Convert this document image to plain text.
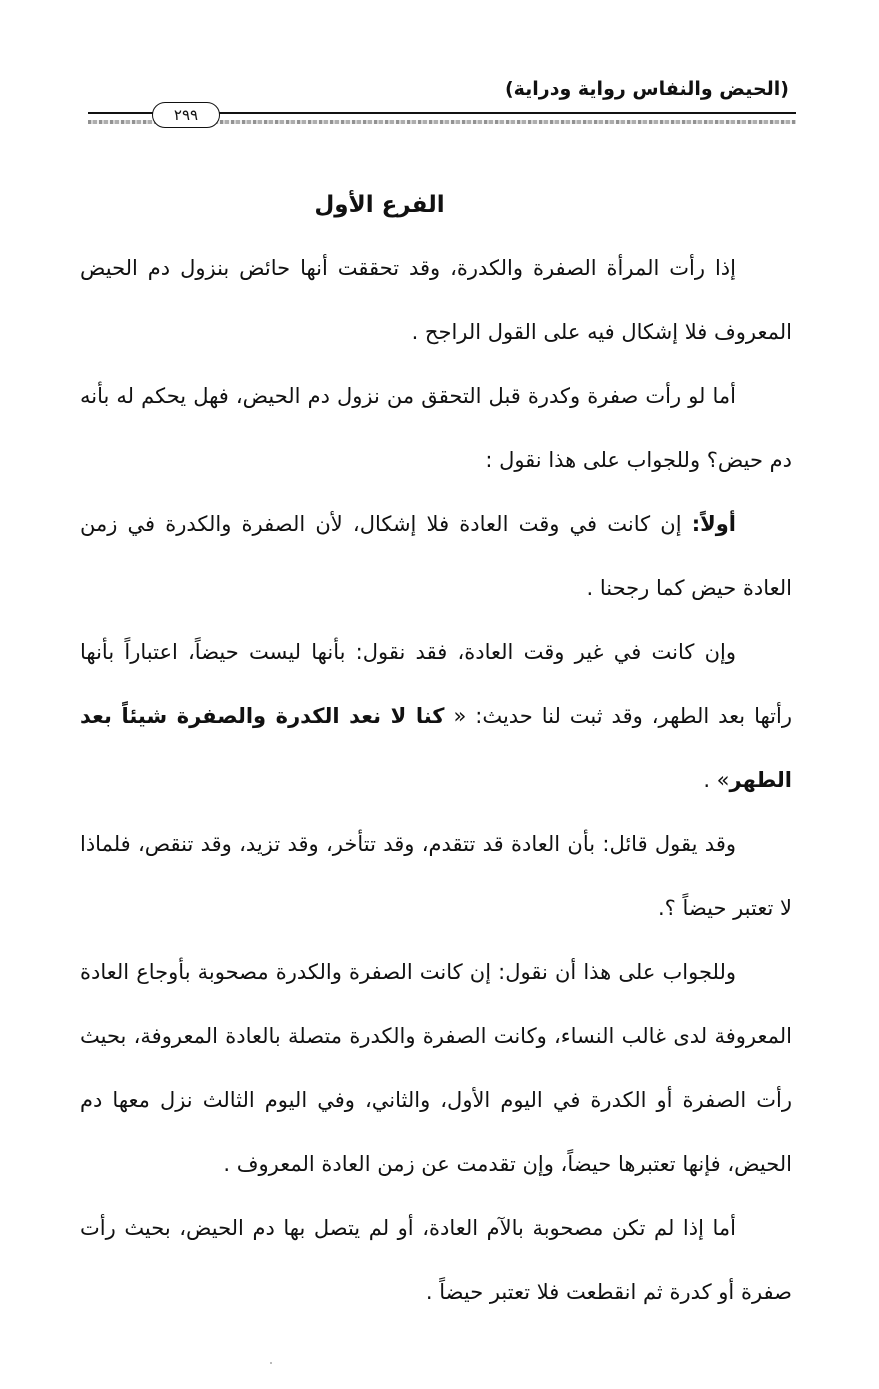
(الحيض والنفاس رواية ودراية)
٢٩٩
الفرع الأول

إذا رأت المرأة الصفرة والكدرة، وقد تحققت أنها حائض بنزول دم الحيض المعروف فلا إشكال فيه على القول الراجح .

أما لو رأت صفرة وكدرة قبل التحقق من نزول دم الحيض، فهل يحكم له بأنه دم حيض؟ وللجواب على هذا نقول :

أولاً: إن كانت في وقت العادة فلا إشكال، لأن الصفرة والكدرة في زمن العادة حيض كما رجحنا .

وإن كانت في غير وقت العادة، فقد نقول: بأنها ليست حيضاً، اعتباراً بأنها رأتها بعد الطهر، وقد ثبت لنا حديث: « كنا لا نعد الكدرة والصفرة شيئاً بعد الطهر» .

وقد يقول قائل: بأن العادة قد تتقدم، وقد تتأخر، وقد تزيد، وقد تنقص، فلماذا لا تعتبر حيضاً ؟.

وللجواب على هذا أن نقول: إن كانت الصفرة والكدرة مصحوبة بأوجاع العادة المعروفة لدى غالب النساء، وكانت الصفرة والكدرة متصلة بالعادة المعروفة، بحيث رأت الصفرة أو الكدرة في اليوم الأول، والثاني، وفي اليوم الثالث نزل معها دم الحيض، فإنها تعتبرها حيضاً، وإن تقدمت عن زمن العادة المعروف .

أما إذا لم تكن مصحوبة بالآم العادة، أو لم يتصل بها دم الحيض، بحيث رأت صفرة أو كدرة ثم انقطعت فلا تعتبر حيضاً .
